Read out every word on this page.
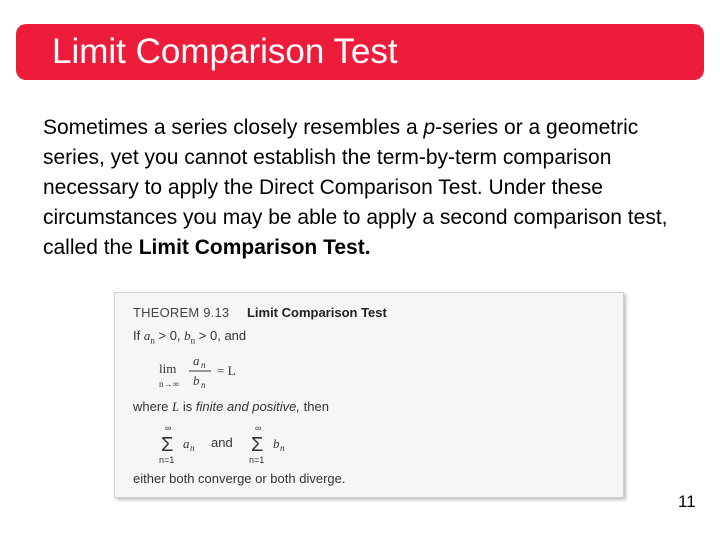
Limit Comparison Test
Sometimes a series closely resembles a p-series or a geometric series, yet you cannot establish the term-by-term comparison necessary to apply the Direct Comparison Test. Under these circumstances you may be able to apply a second comparison test, called the Limit Comparison Test.
THEOREM 9.13 Limit Comparison Test
If $a_n > 0$, $b_n > 0$, and
lim
n→∞
a n
b n
= L
where L is finite and positive, then
∞
Σ
n=1
a n and
∞
Σ
n=1
b n
either both converge or both diverge.
11
